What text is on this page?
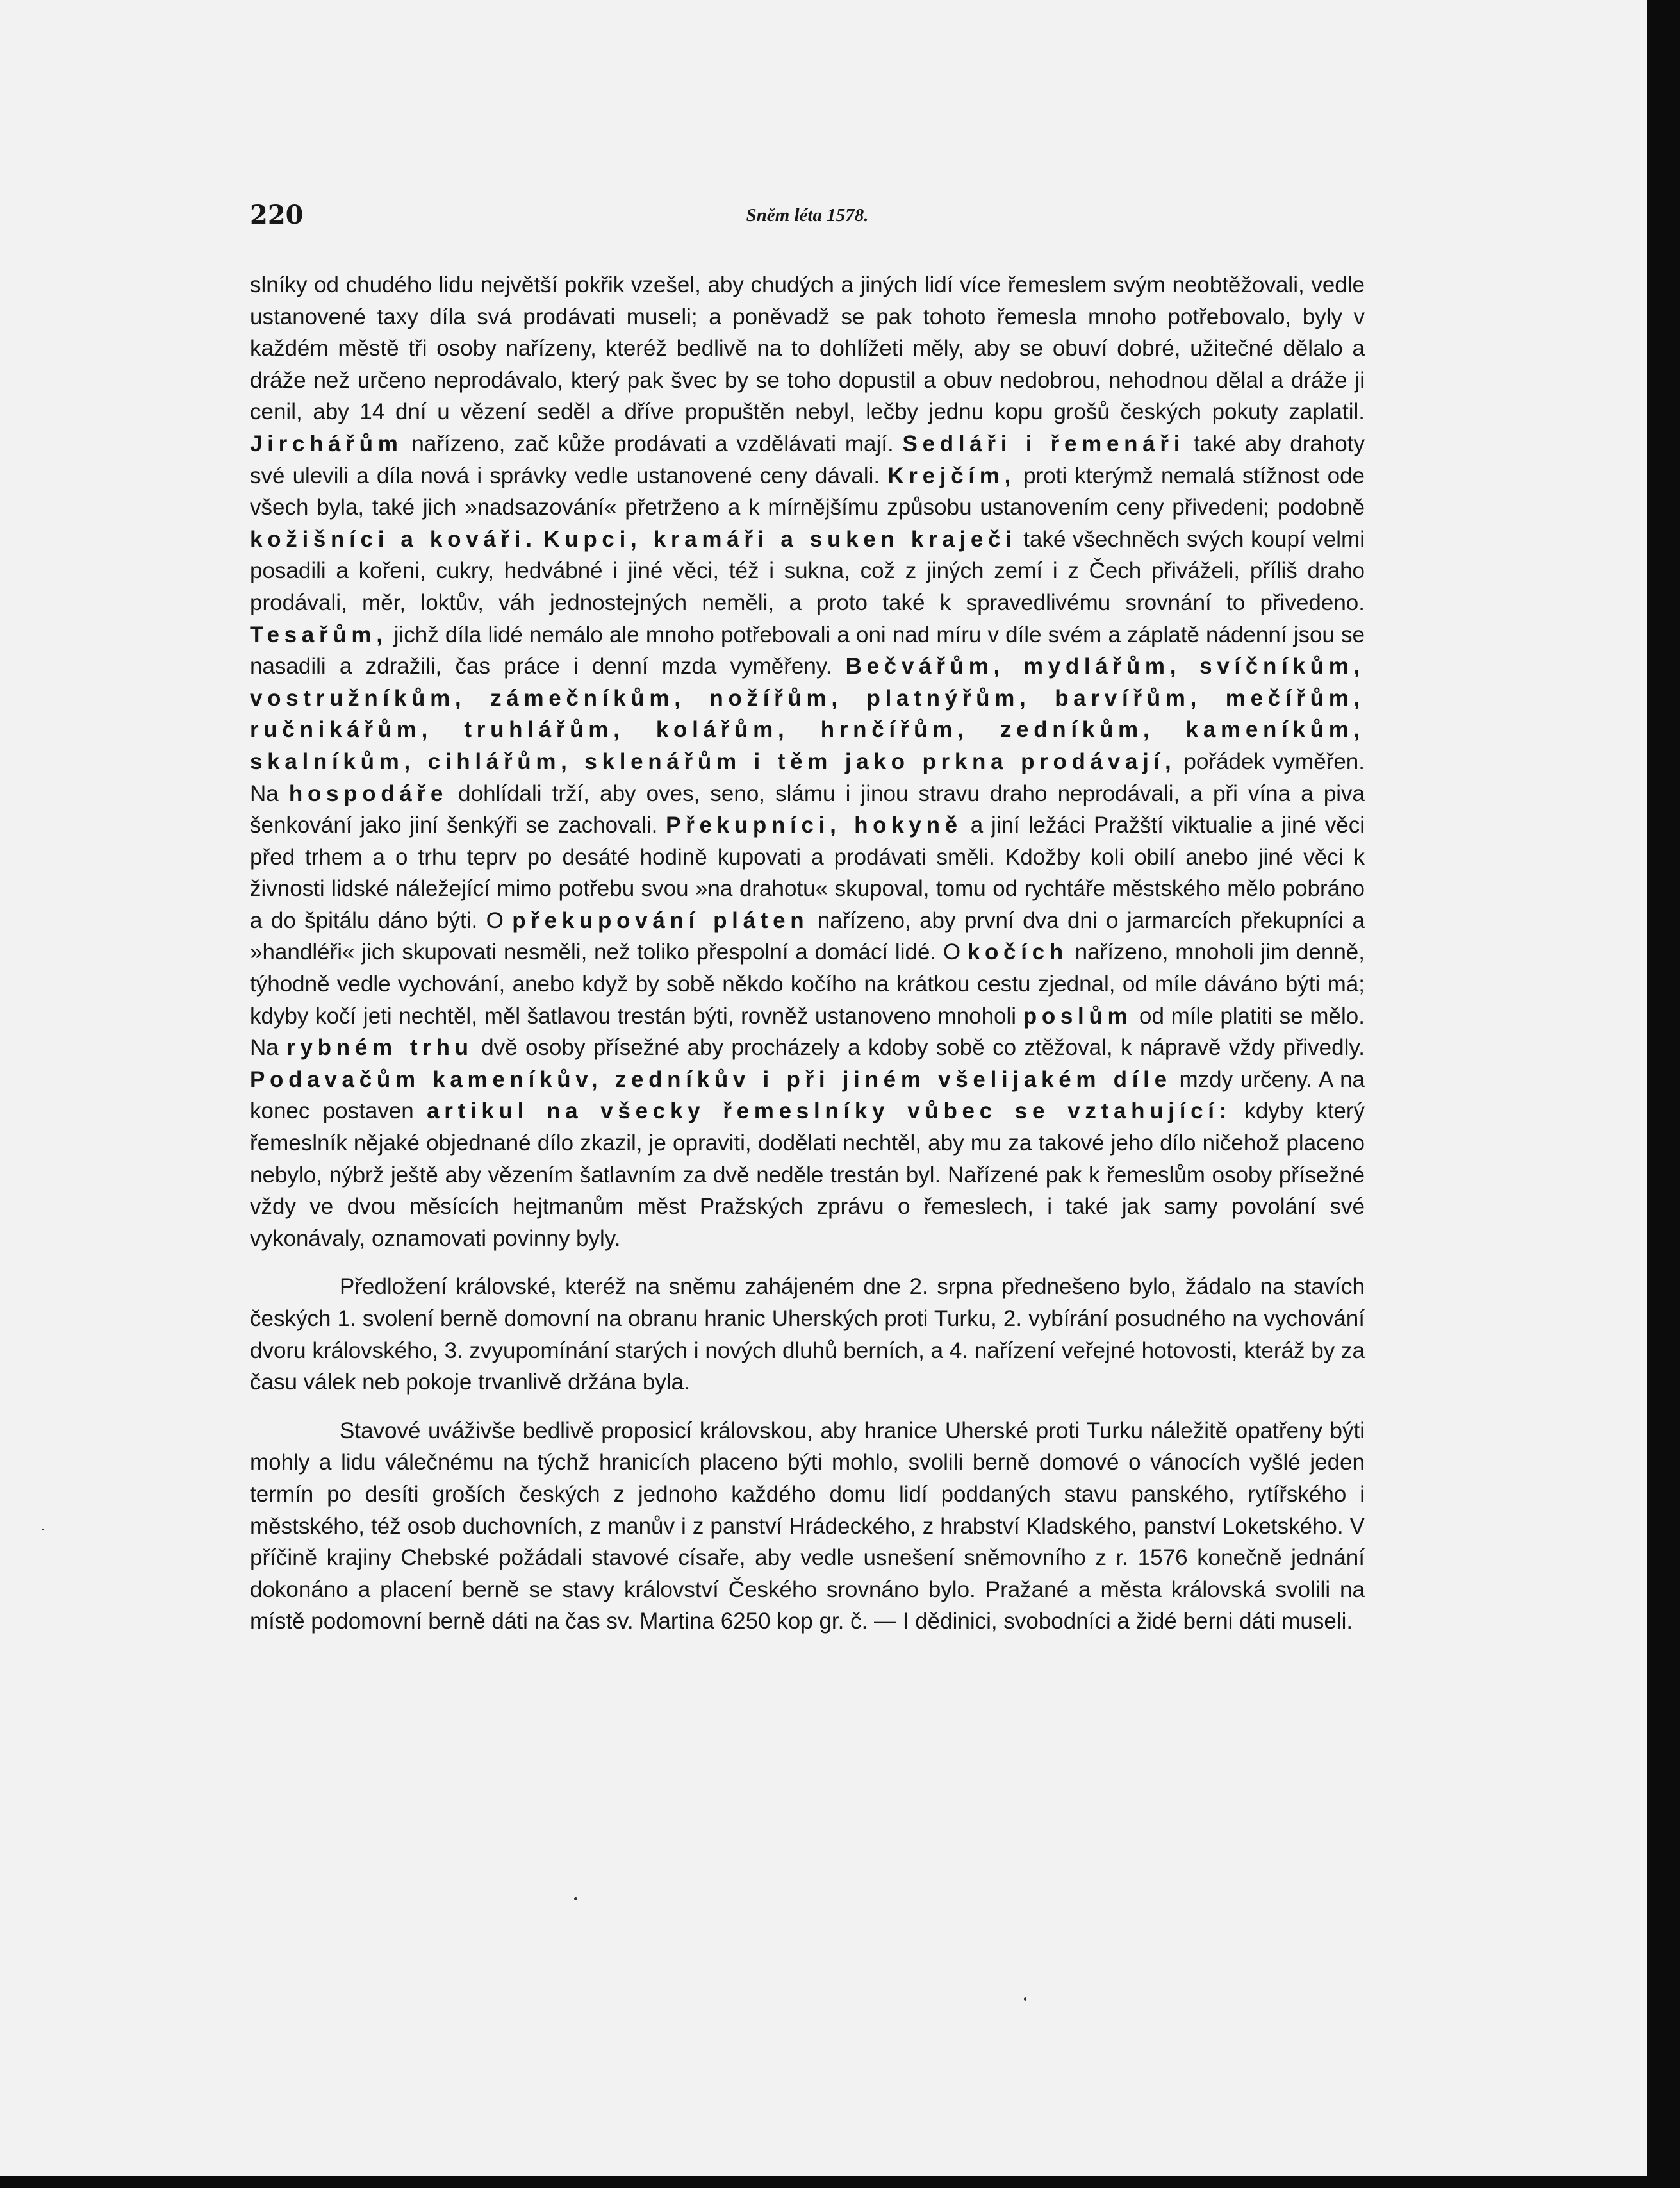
220	Sněm léta 1578.

slníky od chudého lidu největší pokřik vzešel, aby chudých a jiných lidí více řemeslem svým neobtěžovali, vedle ustanovené taxy díla svá prodávati museli; a poněvadž se pak tohoto řemesla mnoho potřebovalo, byly v každém městě tři osoby nařízeny, kteréž bedlivě na to dohlížeti měly, aby se obuví dobré, užitečné dělalo a dráže než určeno neprodávalo, který pak švec by se toho dopustil a obuv nedobrou, nehodnou dělal a dráže ji cenil, aby 14 dní u vězení seděl a dříve propuštěn nebyl, lečby jednu kopu grošů českých pokuty zaplatil. Jirchářům nařízeno, zač kůže prodávati a vzdělávati mají. Sedláři i řemenáři také aby drahoty své ulevili a díla nová i správky vedle ustanovené ceny dávali. Krejčím, proti kterýmž nemalá stížnost ode všech byla, také jich »nadsazování« přetrženo a k mírnějšímu způsobu ustanovením ceny přivedeni; podobně kožišníci a kováři. Kupci, kramáři a suken kraječi také všechněch svých koupí velmi posadili a kořeni, cukry, hedvábné i jiné věci, též i sukna, což z jiných zemí i z Čech přiváželi, příliš draho prodávali, měr, loktův, váh jednostejných neměli, a proto také k spravedlivému srovnání to přivedeno. Tesařům, jichž díla lidé nemálo ale mnoho potřebovali a oni nad míru v díle svém a záplatě nádenní jsou se nasadili a zdražili, čas práce i denní mzda vyměřeny. Bečvářům, mydlářům, svíčníkům, vostružníkům, zámečníkům, nožířům, platnýřům, barvířům, mečířům, ručnikářům, truhlářům, kolářům, hrnčířům, zedníkům, kameníkům, skalníkům, cihlářům, sklenářům i těm jako prkna prodávají, pořádek vyměřen. Na hospodáře dohlídali trží, aby oves, seno, slámu i jinou stravu draho neprodávali, a při vína a piva šenkování jako jiní šenkýři se zachovali. Překupníci, hokyně a jiní ležáci Pražští viktualie a jiné věci před trhem a o trhu teprv po desáté hodině kupovati a prodávati směli. Kdožby koli obilí anebo jiné věci k živnosti lidské náležející mimo potřebu svou »na drahotu« skupoval, tomu od rychtáře městského mělo pobráno a do špitálu dáno býti. O překupování pláten nařízeno, aby první dva dni o jarmarcích překupníci a »handléři« jich skupovati nesměli, než toliko přespolní a domácí lidé. O kočích nařízeno, mnoholi jim denně, týhodně vedle vychování, anebo když by sobě někdo kočího na krátkou cestu zjednal, od míle dáváno býti má; kdyby kočí jeti nechtěl, měl šatlavou trestán býti, rovněž ustanoveno mnoholi poslům od míle platiti se mělo. Na rybném trhu dvě osoby přísežné aby procházely a kdoby sobě co ztěžoval, k nápravě vždy přivedly. Podavačům kameníkův, zedníkův i při jiném všelijakém díle mzdy určeny. A na konec postaven artikul na všecky řemeslníky vůbec se vztahující: kdyby který řemeslník nějaké objednané dílo zkazil, je opraviti, dodělati nechtěl, aby mu za takové jeho dílo ničehož placeno nebylo, nýbrž ještě aby vězením šatlavním za dvě neděle trestán byl. Nařízené pak k řemeslům osoby přísežné vždy ve dvou měsících hejtmanům měst Pražských zprávu o řemeslech, i také jak samy povolání své vykonávaly, oznamovati povinny byly.

Předložení královské, kteréž na sněmu zahájeném dne 2. srpna přednešeno bylo, žádalo na stavích českých 1. svolení berně domovní na obranu hranic Uherských proti Turku, 2. vybírání posudného na vychování dvoru královského, 3. zvyupomínání starých i nových dluhů berních, a 4. nařízení veřejné hotovosti, kteráž by za času válek neb pokoje trvanlivě držána byla.

Stavové uváživše bedlivě proposicí královskou, aby hranice Uherské proti Turku náležitě opatřeny býti mohly a lidu válečnému na týchž hranicích placeno býti mohlo, svolili berně domové o vánocích vyšlé jeden termín po desíti groších českých z jednoho každého domu lidí poddaných stavu panského, rytířského i městského, též osob duchovních, z manův i z panství Hrádeckého, z hrabství Kladského, panství Loketského. V příčině krajiny Chebské požádali stavové císaře, aby vedle usnešení sněmovního z r. 1576 konečně jednání dokonáno a placení berně se stavy království Českého srovnáno bylo. Pražané a města královská svolili na místě podomovní berně dáti na čas sv. Martina 6250 kop gr. č. — I dědinici, svobodníci a židé berni dáti museli.
